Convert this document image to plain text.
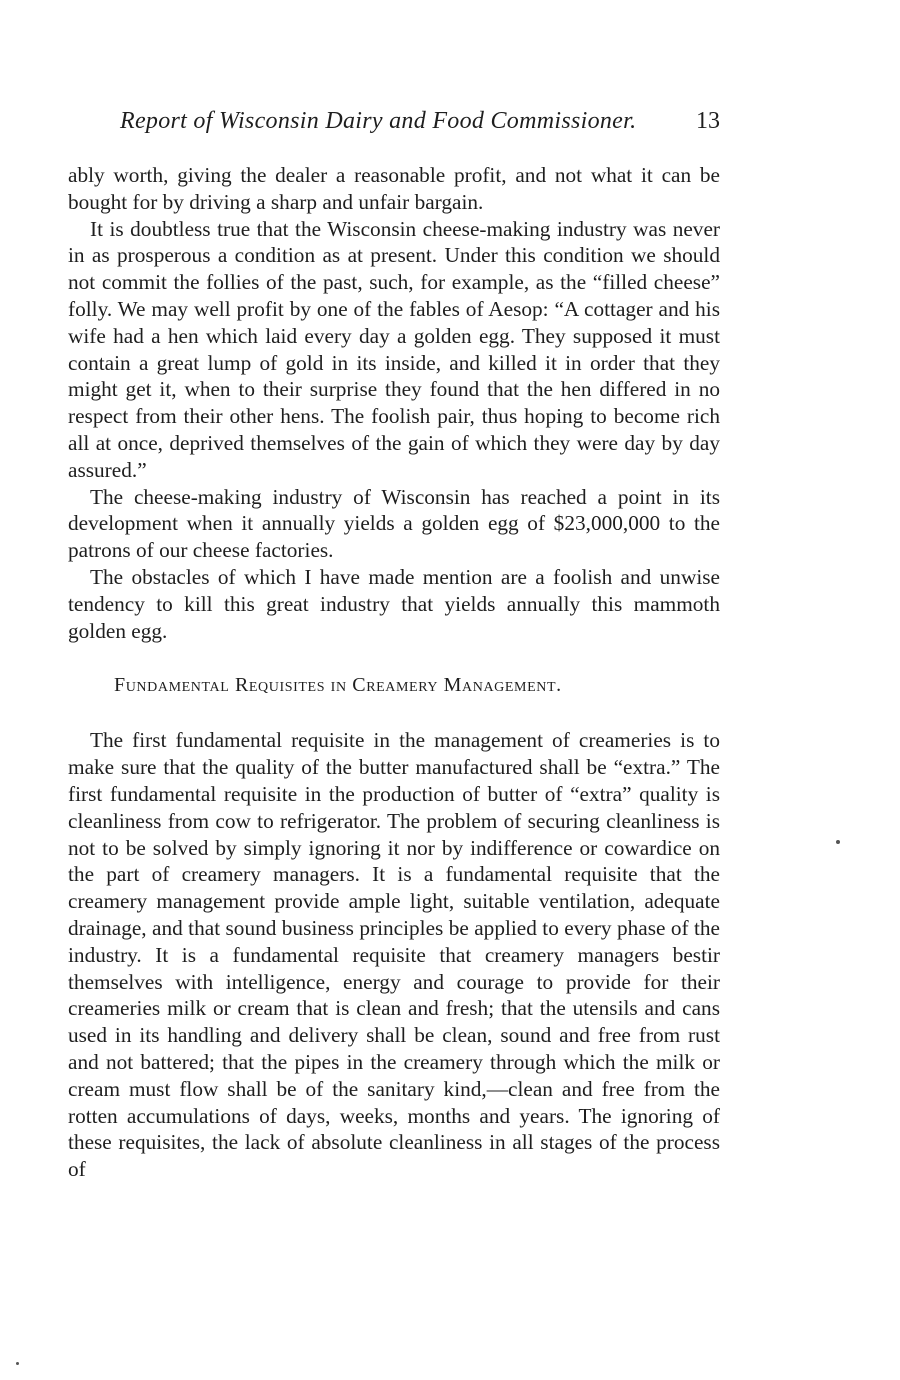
Report of Wisconsin Dairy and Food Commissioner. 13

ably worth, giving the dealer a reasonable profit, and not what it can be bought for by driving a sharp and unfair bargain.

It is doubtless true that the Wisconsin cheese-making industry was never in as prosperous a condition as at present. Under this condition we should not commit the follies of the past, such, for example, as the “filled cheese” folly. We may well profit by one of the fables of Aesop: “A cottager and his wife had a hen which laid every day a golden egg. They supposed it must contain a great lump of gold in its inside, and killed it in order that they might get it, when to their surprise they found that the hen differed in no respect from their other hens. The foolish pair, thus hoping to become rich all at once, deprived themselves of the gain of which they were day by day assured.”

The cheese-making industry of Wisconsin has reached a point in its development when it annually yields a golden egg of $23,000,000 to the patrons of our cheese factories.

The obstacles of which I have made mention are a foolish and unwise tendency to kill this great industry that yields annually this mammoth golden egg.

Fundamental Requisites in Creamery Management.

The first fundamental requisite in the management of creameries is to make sure that the quality of the butter manufactured shall be “extra.” The first fundamental requisite in the production of butter of “extra” quality is cleanliness from cow to refrigerator. The problem of securing cleanliness is not to be solved by simply ignoring it nor by indifference or cowardice on the part of creamery managers. It is a fundamental requisite that the creamery management provide ample light, suitable ventilation, adequate drainage, and that sound business principles be applied to every phase of the industry. It is a fundamental requisite that creamery managers bestir themselves with intelligence, energy and courage to provide for their creameries milk or cream that is clean and fresh; that the utensils and cans used in its handling and delivery shall be clean, sound and free from rust and not battered; that the pipes in the creamery through which the milk or cream must flow shall be of the sanitary kind,—clean and free from the rotten accumulations of days, weeks, months and years. The ignoring of these requisites, the lack of absolute cleanliness in all stages of the process of
